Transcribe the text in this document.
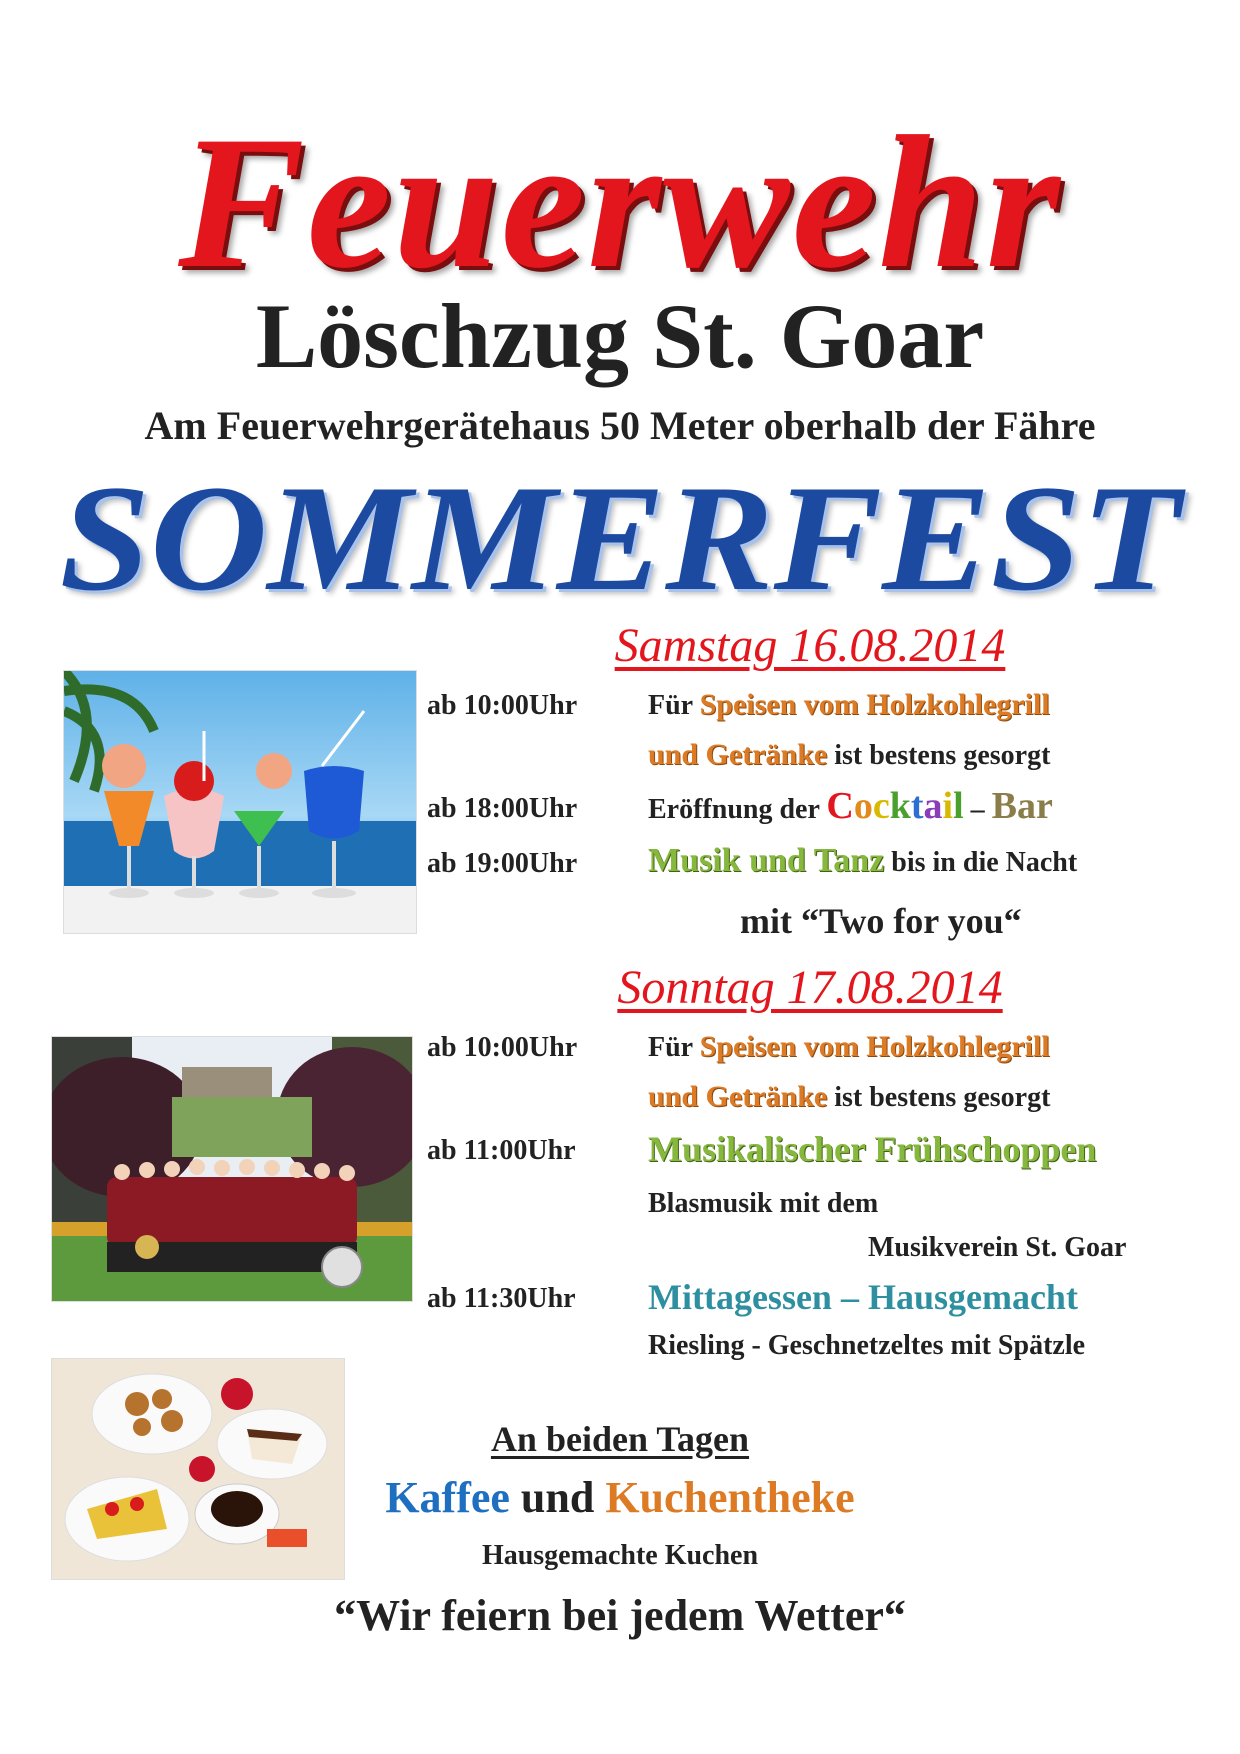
Feuerwehr
Löschzug St. Goar
Am Feuerwehrgerätehaus 50 Meter oberhalb der Fähre
SOMMERFEST
Samstag 16.08.2014
ab 10:00Uhr	Für Speisen vom Holzkohlegrill
und Getränke ist bestens gesorgt
ab 18:00Uhr	Eröffnung der Cocktail – Bar
ab 19:00Uhr Musik und Tanz bis in die Nacht
mit “Two for you“
Sonntag 17.08.2014
ab 10:00Uhr	Für Speisen vom Holzkohlegrill
und Getränke ist bestens gesorgt
ab 11:00Uhr Musikalischer Frühschoppen
Blasmusik mit dem
Musikverein St. Goar
ab 11:30Uhr Mittagessen – Hausgemacht
Riesling - Geschnetzeltes mit Spätzle
An beiden Tagen
Kaffee und Kuchentheke
Hausgemachte Kuchen
“Wir feiern bei jedem Wetter“
